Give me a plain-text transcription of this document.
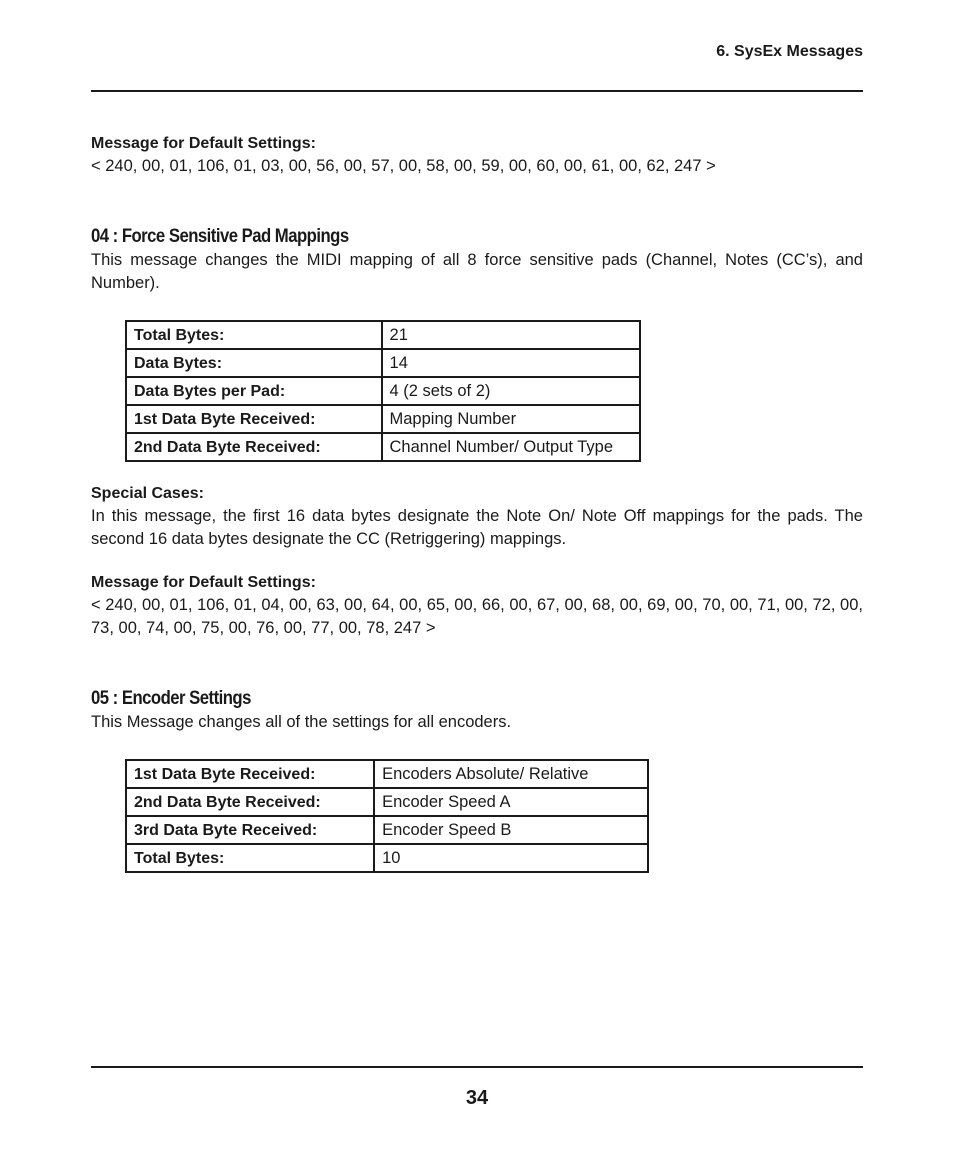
6. SysEx Messages

Message for Default Settings:

< 240, 00, 01, 106, 01, 03, 00, 56, 00, 57, 00, 58, 00, 59, 00, 60, 00, 61, 00, 62, 247 >

04 : Force Sensitive Pad Mappings

This message changes the MIDI mapping of all 8 force sensitive pads (Channel, Notes (CC’s), and Number).

Total Bytes:	21
Data Bytes:	14
Data Bytes per Pad:	4 (2 sets of 2)
1st Data Byte Received:	Mapping Number
2nd Data Byte Received:	Channel Number/ Output Type

Special Cases:

In this message, the first 16 data bytes designate the Note On/ Note Off mappings for the pads. The second 16 data bytes designate the CC (Retriggering) mappings.

Message for Default Settings:

< 240, 00, 01, 106, 01, 04, 00, 63, 00, 64, 00, 65, 00, 66, 00, 67, 00, 68, 00, 69, 00, 70, 00, 71, 00, 72, 00, 73, 00, 74, 00, 75, 00, 76, 00, 77, 00, 78, 247 >

05 : Encoder Settings

This Message changes all of the settings for all encoders.

1st Data Byte Received:	Encoders Absolute/ Relative
2nd Data Byte Received:	Encoder Speed A
3rd Data Byte Received:	Encoder Speed B
Total Bytes:	10
34
